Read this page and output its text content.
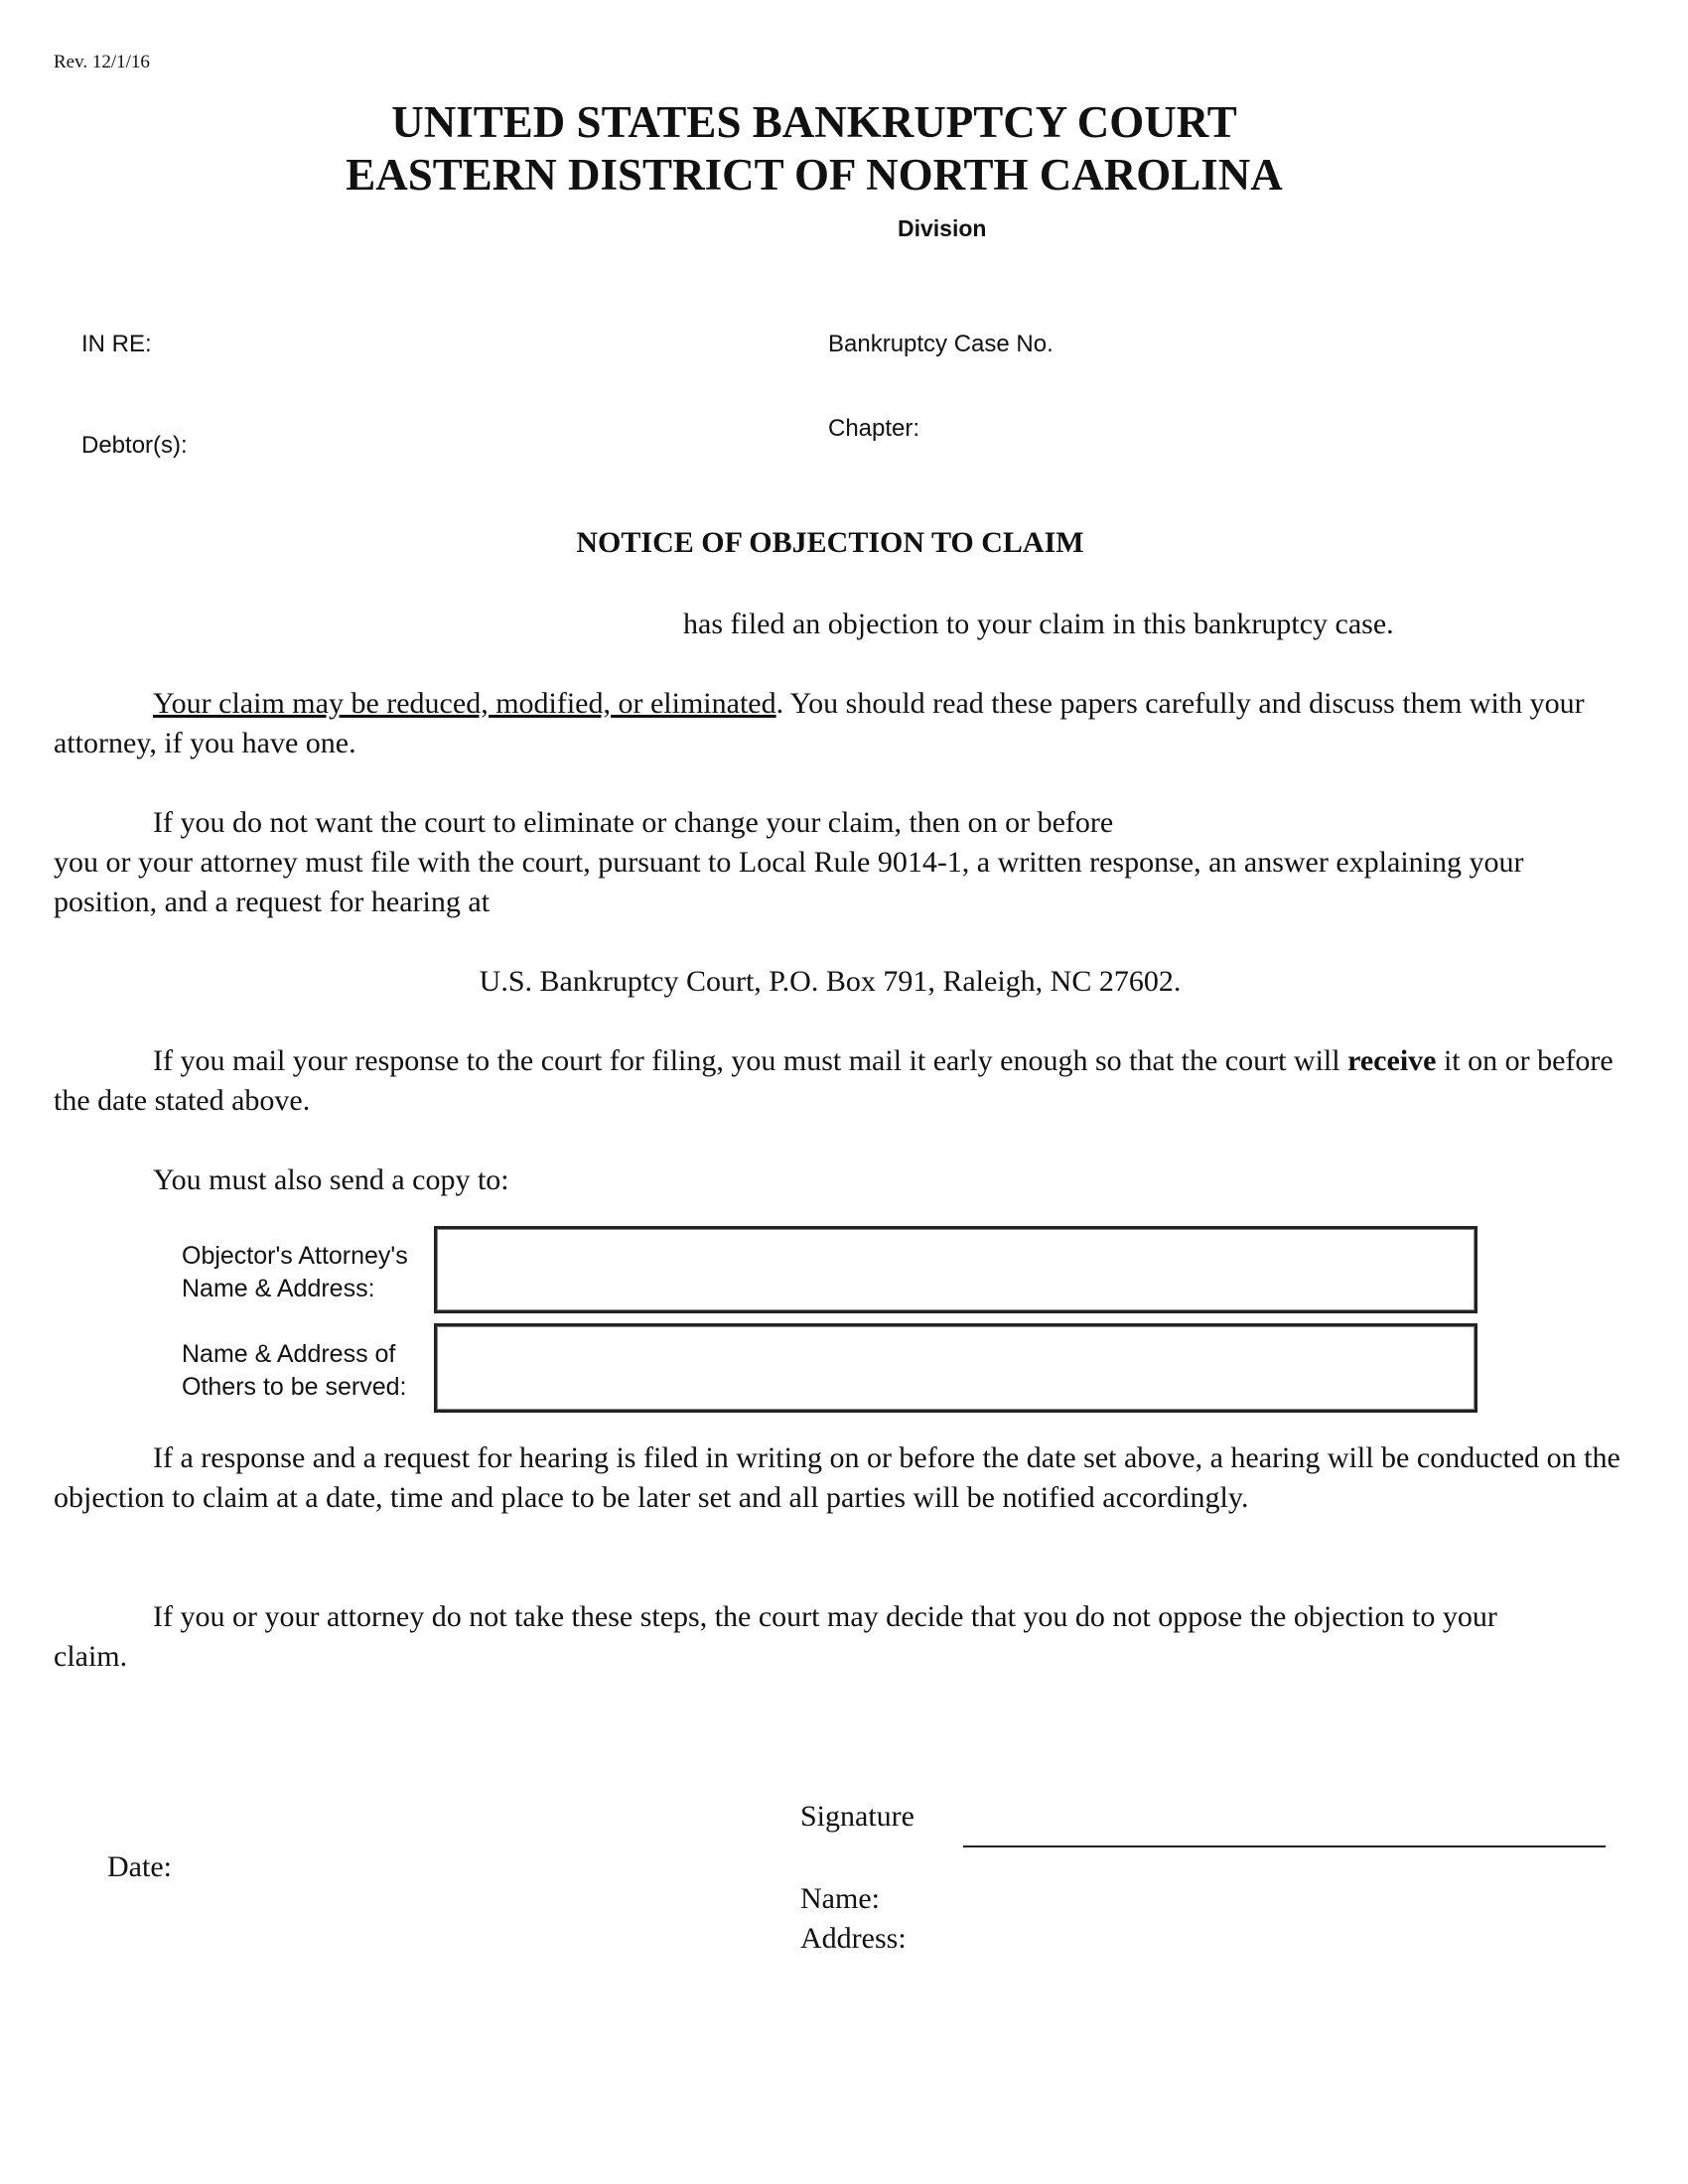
Rev. 12/1/16
UNITED STATES BANKRUPTCY COURT
EASTERN DISTRICT OF NORTH CAROLINA
Division
IN RE:	Bankruptcy Case No.
Chapter:
Debtor(s):
NOTICE OF OBJECTION TO CLAIM
has filed an objection to your claim in this bankruptcy case.
Your claim may be reduced, modified, or eliminated. You should read these papers carefully and discuss them with your attorney, if you have one.
If you do not want the court to eliminate or change your claim, then on or before
you or your attorney must file with the court, pursuant to Local Rule 9014-1, a written response, an answer explaining your position, and a request for hearing at
U.S. Bankruptcy Court, P.O. Box 791, Raleigh, NC 27602.
If you mail your response to the court for filing, you must mail it early enough so that the court will receive it on or before the date stated above.
You must also send a copy to:
Objector's Attorney's
Name & Address:
Name & Address of
Others to be served:
If a response and a request for hearing is filed in writing on or before the date set above, a hearing will be conducted on the objection to claim at a date, time and place to be later set and all parties will be notified accordingly.
If you or your attorney do not take these steps, the court may decide that you do not oppose the objection to your claim.
Signature
Date:
Name:
Address:
